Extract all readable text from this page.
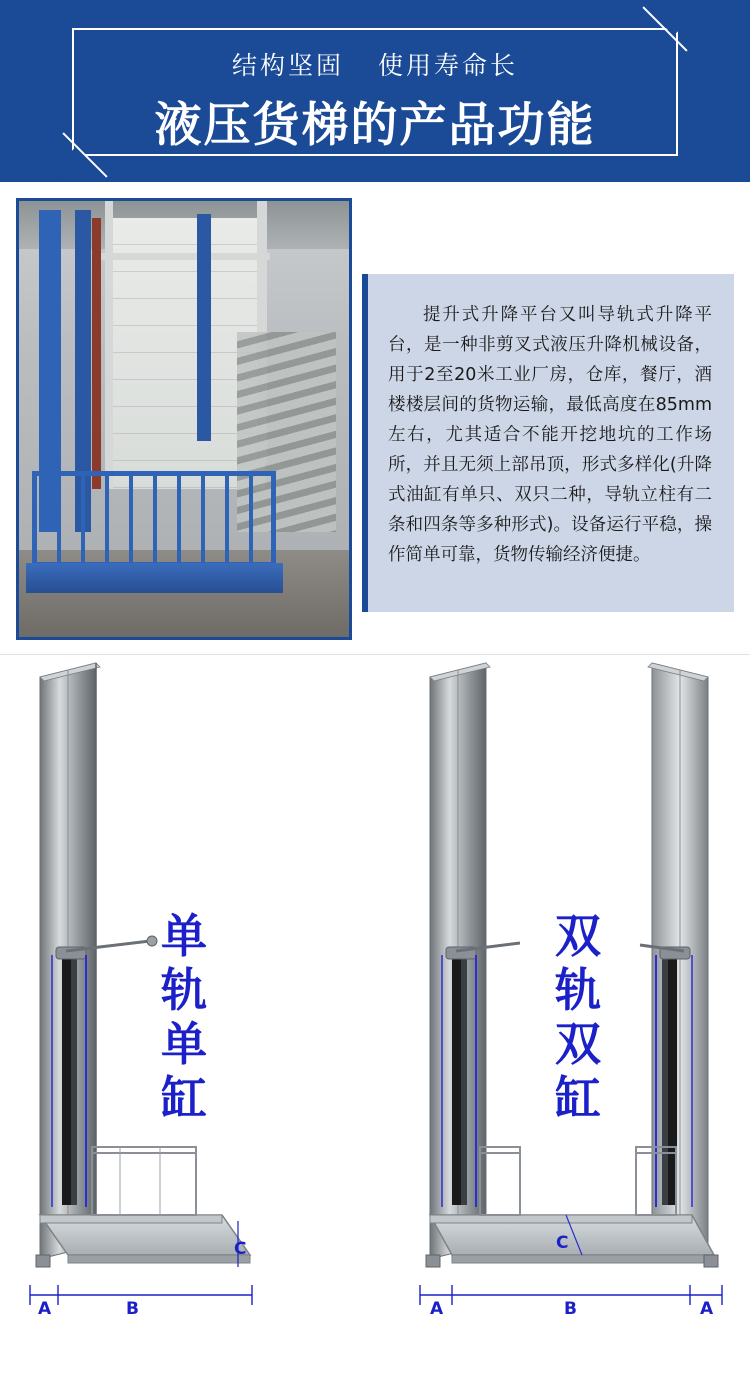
结构坚固 使用寿命长
液压货梯的产品功能
提升式升降平台又叫导轨式升降平台，是一种非剪叉式液压升降机械设备，用于2至20米工业厂房，仓库，餐厅，酒楼楼层间的货物运输，最低高度在85mm左右，尤其适合不能开挖地坑的工作场所，并且无须上部吊顶，形式多样化(升降式油缸有单只、双只二种，导轨立柱有二条和四条等多种形式)。设备运行平稳，操作简单可靠，货物传输经济便捷。
单轨单缸
双轨双缸
A	B
C
A	B	A
C
